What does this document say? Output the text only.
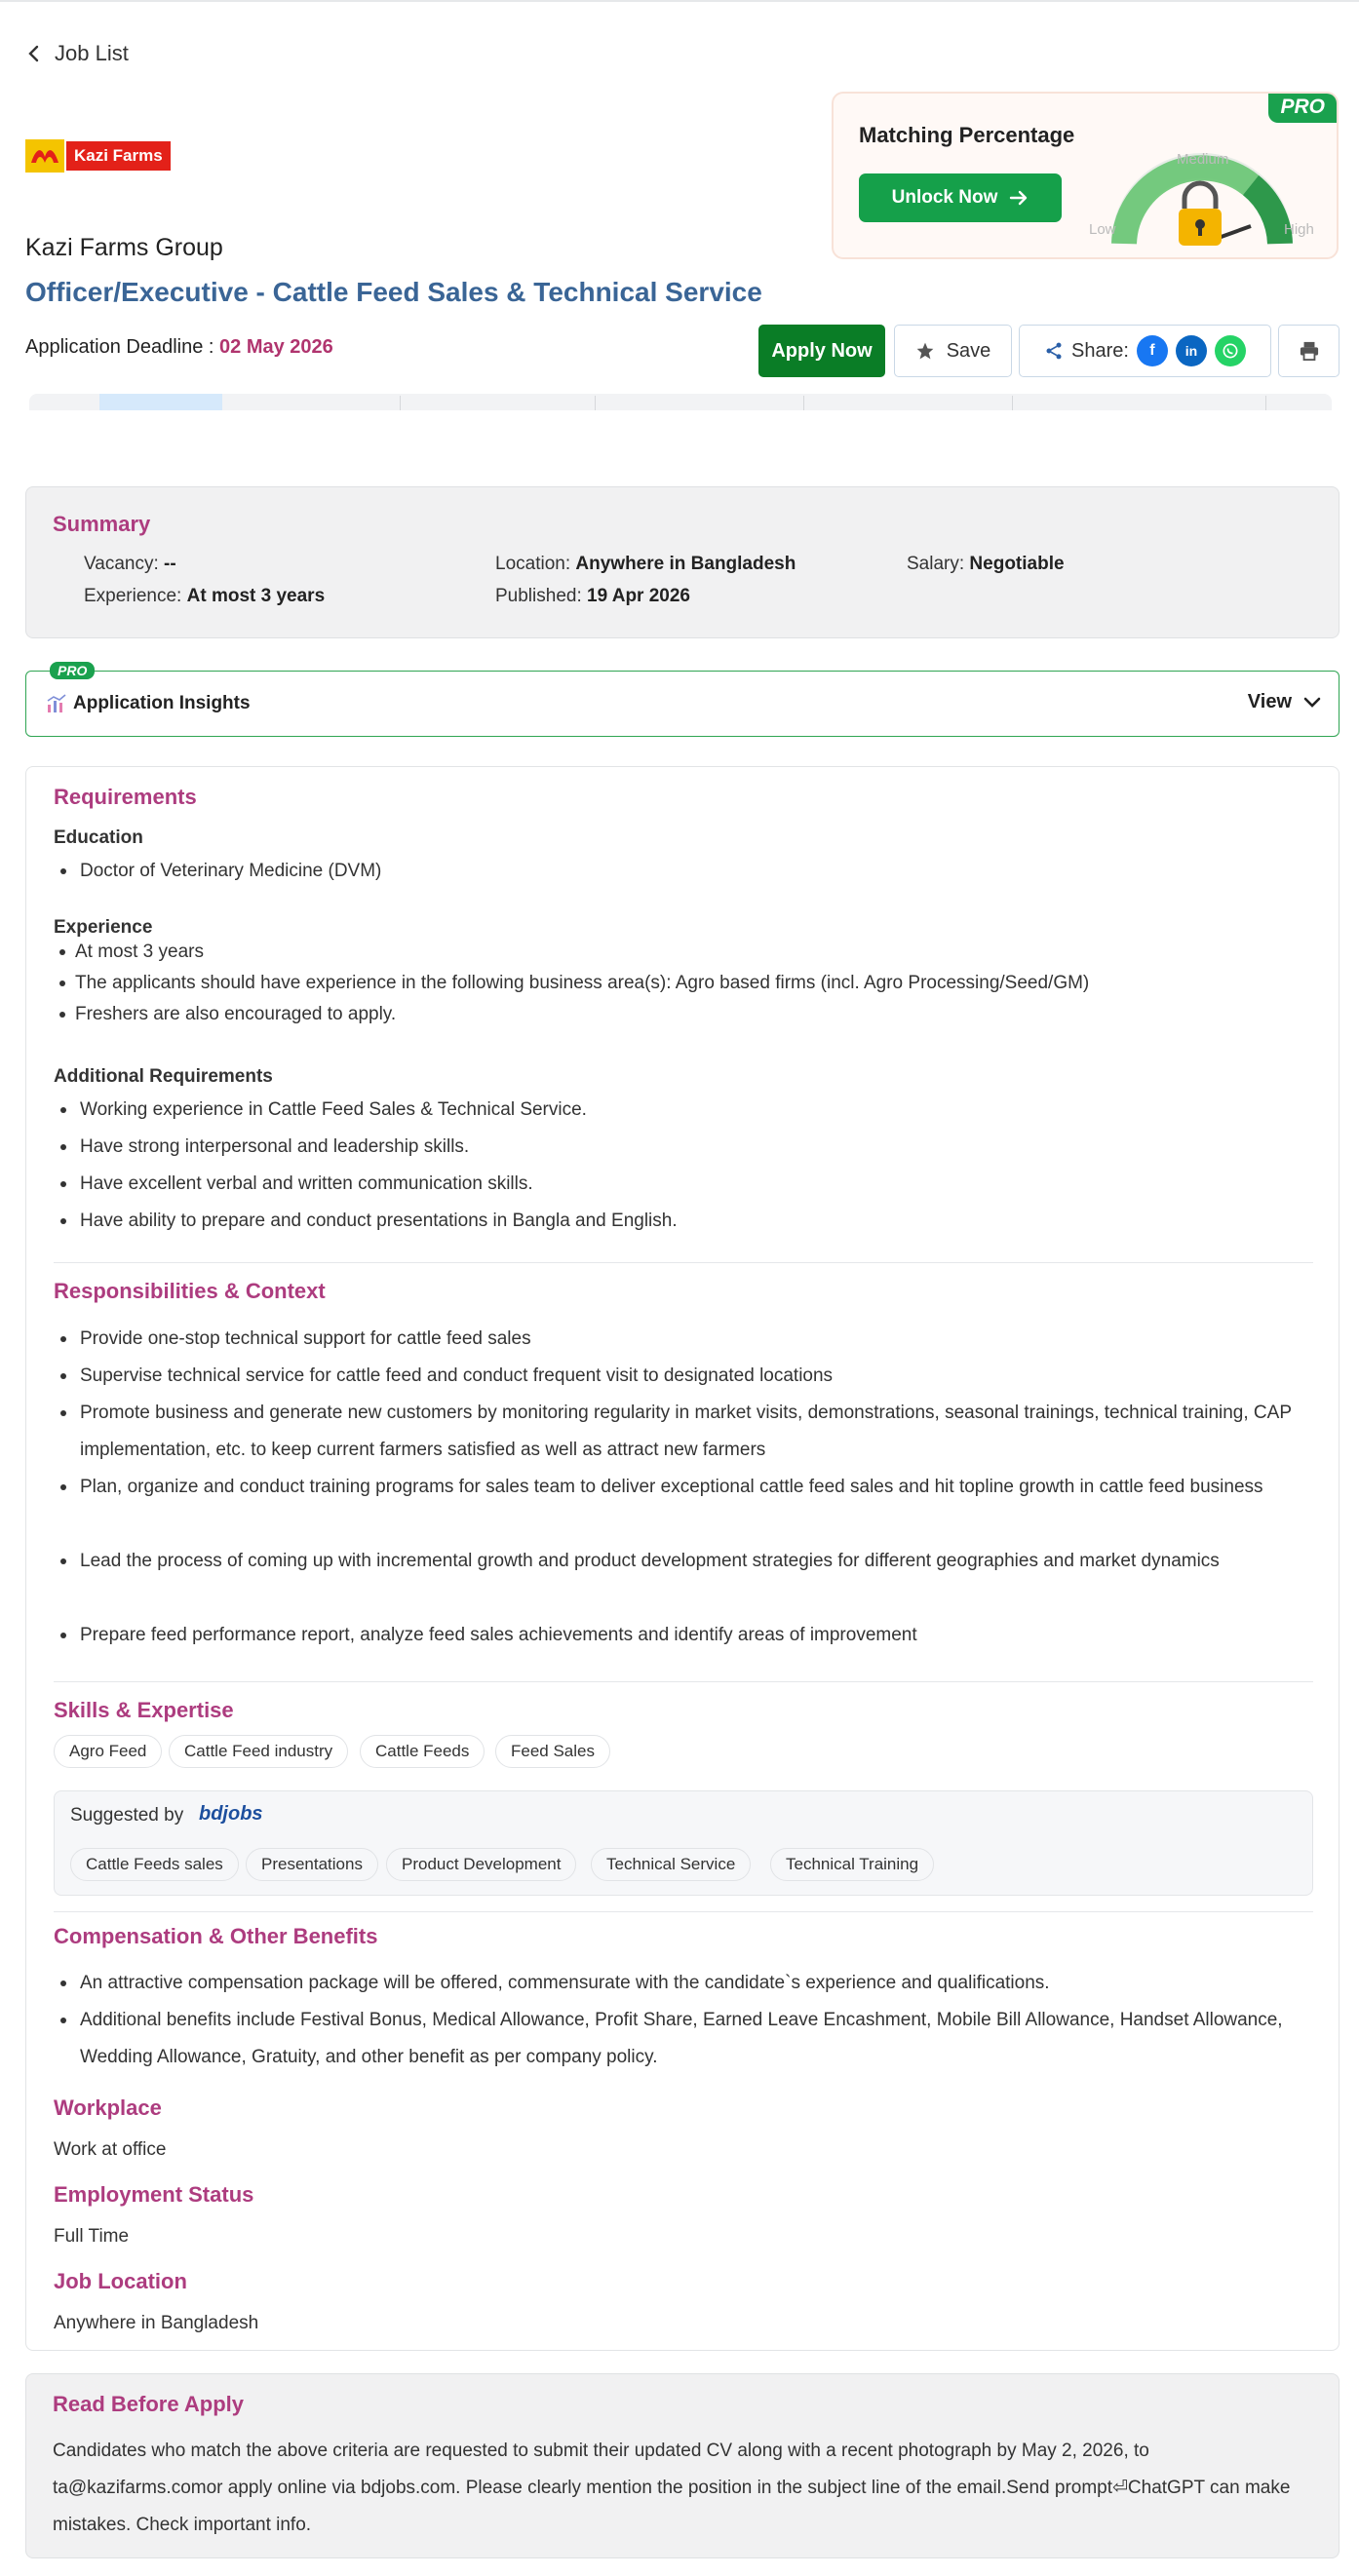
Job List
Kazi Farms
Kazi Farms Group
Officer/Executive - Cattle Feed Sales & Technical Service
Application Deadline : 02 May 2026
Matching Percentage
Unlock Now
PRO
Low
Medium
High
Apply Now	Save	Share:	f	in
Summary
Vacancy: --
Experience: At most 3 years
Location: Anywhere in Bangladesh
Published: 19 Apr 2026
Salary: Negotiable
PRO
Application Insights	View
Requirements
Education
Doctor of Veterinary Medicine (DVM)
Experience
At most 3 years
The applicants should have experience in the following business area(s): Agro based firms (incl. Agro Processing/Seed/GM)
Freshers are also encouraged to apply.
Additional Requirements
Working experience in Cattle Feed Sales & Technical Service.
Have strong interpersonal and leadership skills.
Have excellent verbal and written communication skills.
Have ability to prepare and conduct presentations in Bangla and English.
Responsibilities & Context
Provide one-stop technical support for cattle feed sales
Supervise technical service for cattle feed and conduct frequent visit to designated locations
Promote business and generate new customers by monitoring regularity in market visits, demonstrations, seasonal trainings, technical training, CAP implementation, etc. to keep current farmers satisfied as well as attract new farmers
Plan, organize and conduct training programs for sales team to deliver exceptional cattle feed sales and hit topline growth in cattle feed business
Lead the process of coming up with incremental growth and product development strategies for different geographies and market dynamics
Prepare feed performance report, analyze feed sales achievements and identify areas of improvement
Skills & Expertise
Agro Feed	Cattle Feed industry	Cattle Feeds	Feed Sales
Suggested by bdjobs
Cattle Feeds sales	Presentations	Product Development	Technical Service	Technical Training
Compensation & Other Benefits
An attractive compensation package will be offered, commensurate with the candidate`s experience and qualifications.
Additional benefits include Festival Bonus, Medical Allowance, Profit Share, Earned Leave Encashment, Mobile Bill Allowance, Handset Allowance, Wedding Allowance, Gratuity, and other benefit as per company policy.
Workplace
Work at office
Employment Status
Full Time
Job Location
Anywhere in Bangladesh
Read Before Apply
Candidates who match the above criteria are requested to submit their updated CV along with a recent photograph by May 2, 2026, to ta@kazifarms.comor apply online via bdjobs.com. Please clearly mention the position in the subject line of the email.Send prompt⏎ChatGPT can make mistakes. Check important info.
